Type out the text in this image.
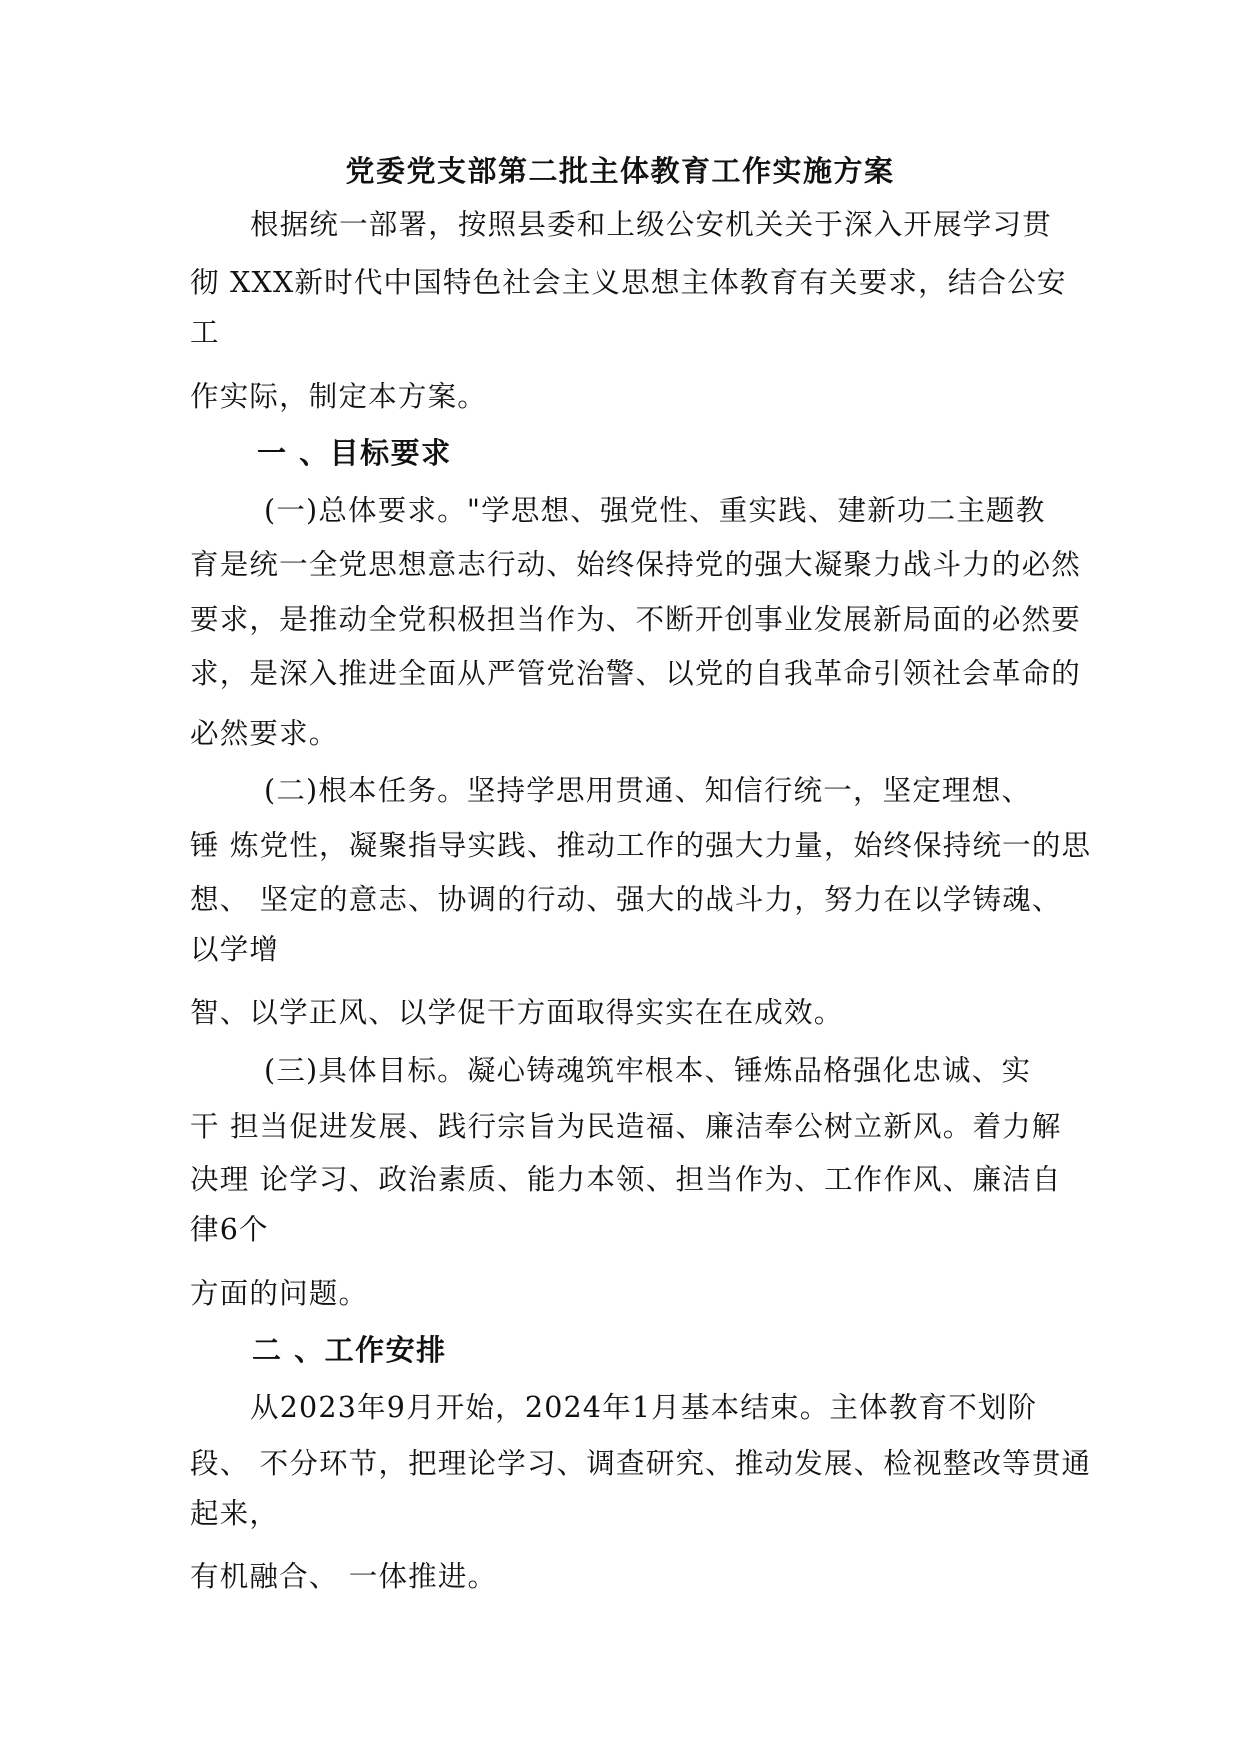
党委党支部第二批主体教育工作实施方案
根据统一部署，按照县委和上级公安机关关于深入开展学习贯
彻 XXX新时代中国特色社会主义思想主体教育有关要求，结合公安
工
作实际，制定本方案。
一 、目标要求
(一)总体要求。"学思想、强党性、重实践、建新功二主题教
育是统一全党思想意志行动、始终保持党的强大凝聚力战斗力的必然
要求，是推动全党积极担当作为、不断开创事业发展新局面的必然要
求，是深入推进全面从严管党治警、以党的自我革命引领社会革命的
必然要求。
(二)根本任务。坚持学思用贯通、知信行统一，坚定理想、
锤 炼党性，凝聚指导实践、推动工作的强大力量，始终保持统一的思
想、 坚定的意志、协调的行动、强大的战斗力，努力在以学铸魂、
以学增
智、以学正风、以学促干方面取得实实在在成效。
(三)具体目标。凝心铸魂筑牢根本、锤炼品格强化忠诚、实
干 担当促进发展、践行宗旨为民造福、廉洁奉公树立新风。着力解
决理 论学习、政治素质、能力本领、担当作为、工作作风、廉洁自
律6个
方面的问题。
二 、工作安排
从2023年9月开始，2024年1月基本结束。主体教育不划阶
段、 不分环节，把理论学习、调查研究、推动发展、检视整改等贯通
起来，
有机融合、 一体推进。
